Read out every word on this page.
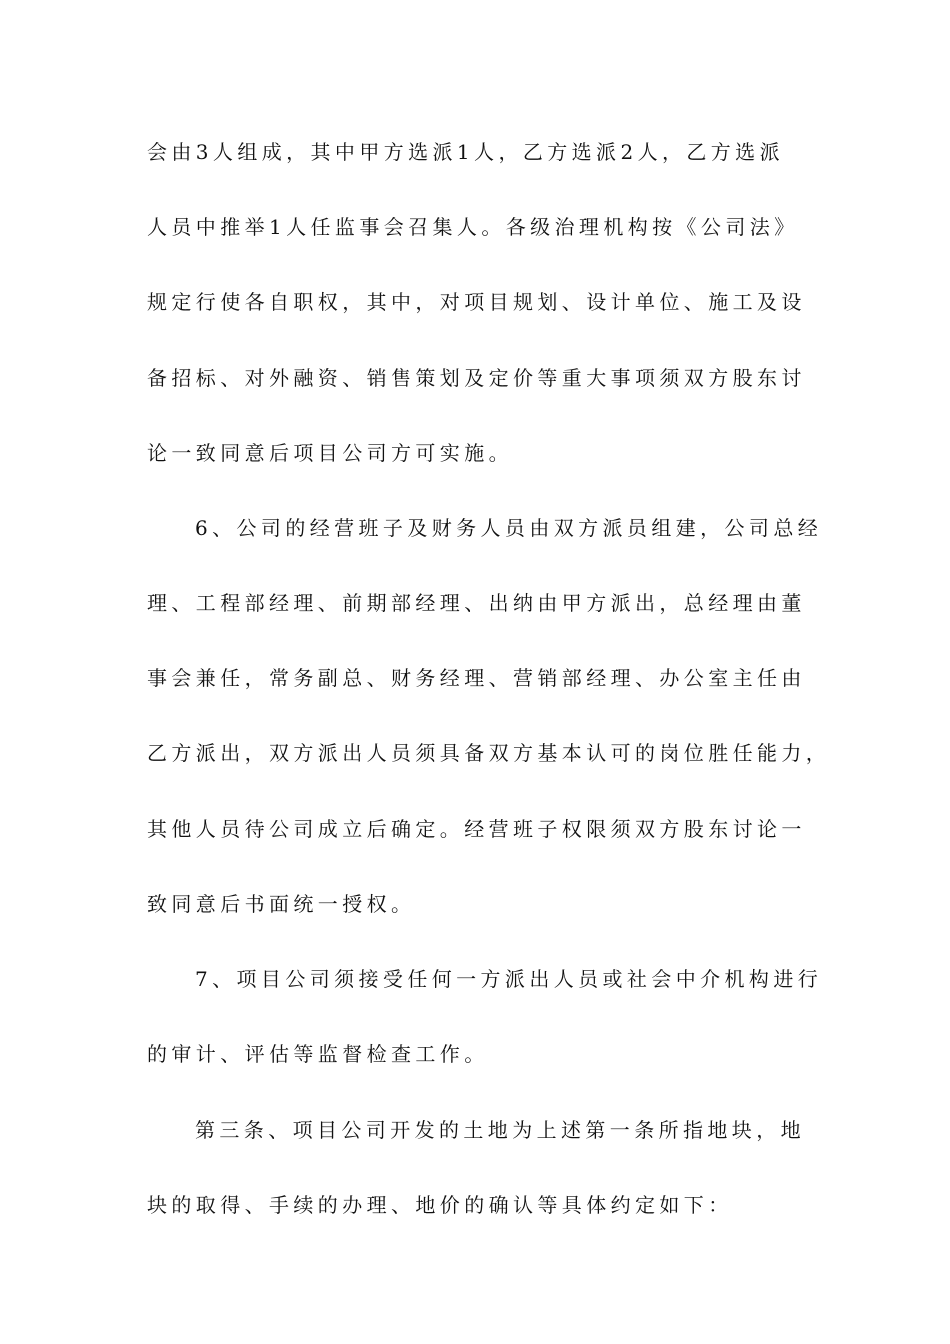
会由3人组成，其中甲方选派1人，乙方选派2人，乙方选派
人员中推举1人任监事会召集人。各级治理机构按《公司法》
规定行使各自职权，其中，对项目规划、设计单位、施工及设
备招标、对外融资、销售策划及定价等重大事项须双方股东讨
论一致同意后项目公司方可实施。
6、公司的经营班子及财务人员由双方派员组建，公司总经
理、工程部经理、前期部经理、出纳由甲方派出，总经理由董
事会兼任，常务副总、财务经理、营销部经理、办公室主任由
乙方派出，双方派出人员须具备双方基本认可的岗位胜任能力，
其他人员待公司成立后确定。经营班子权限须双方股东讨论一
致同意后书面统一授权。
7、项目公司须接受任何一方派出人员或社会中介机构进行
的审计、评估等监督检查工作。
第三条、项目公司开发的土地为上述第一条所指地块，地
块的取得、手续的办理、地价的确认等具体约定如下：
